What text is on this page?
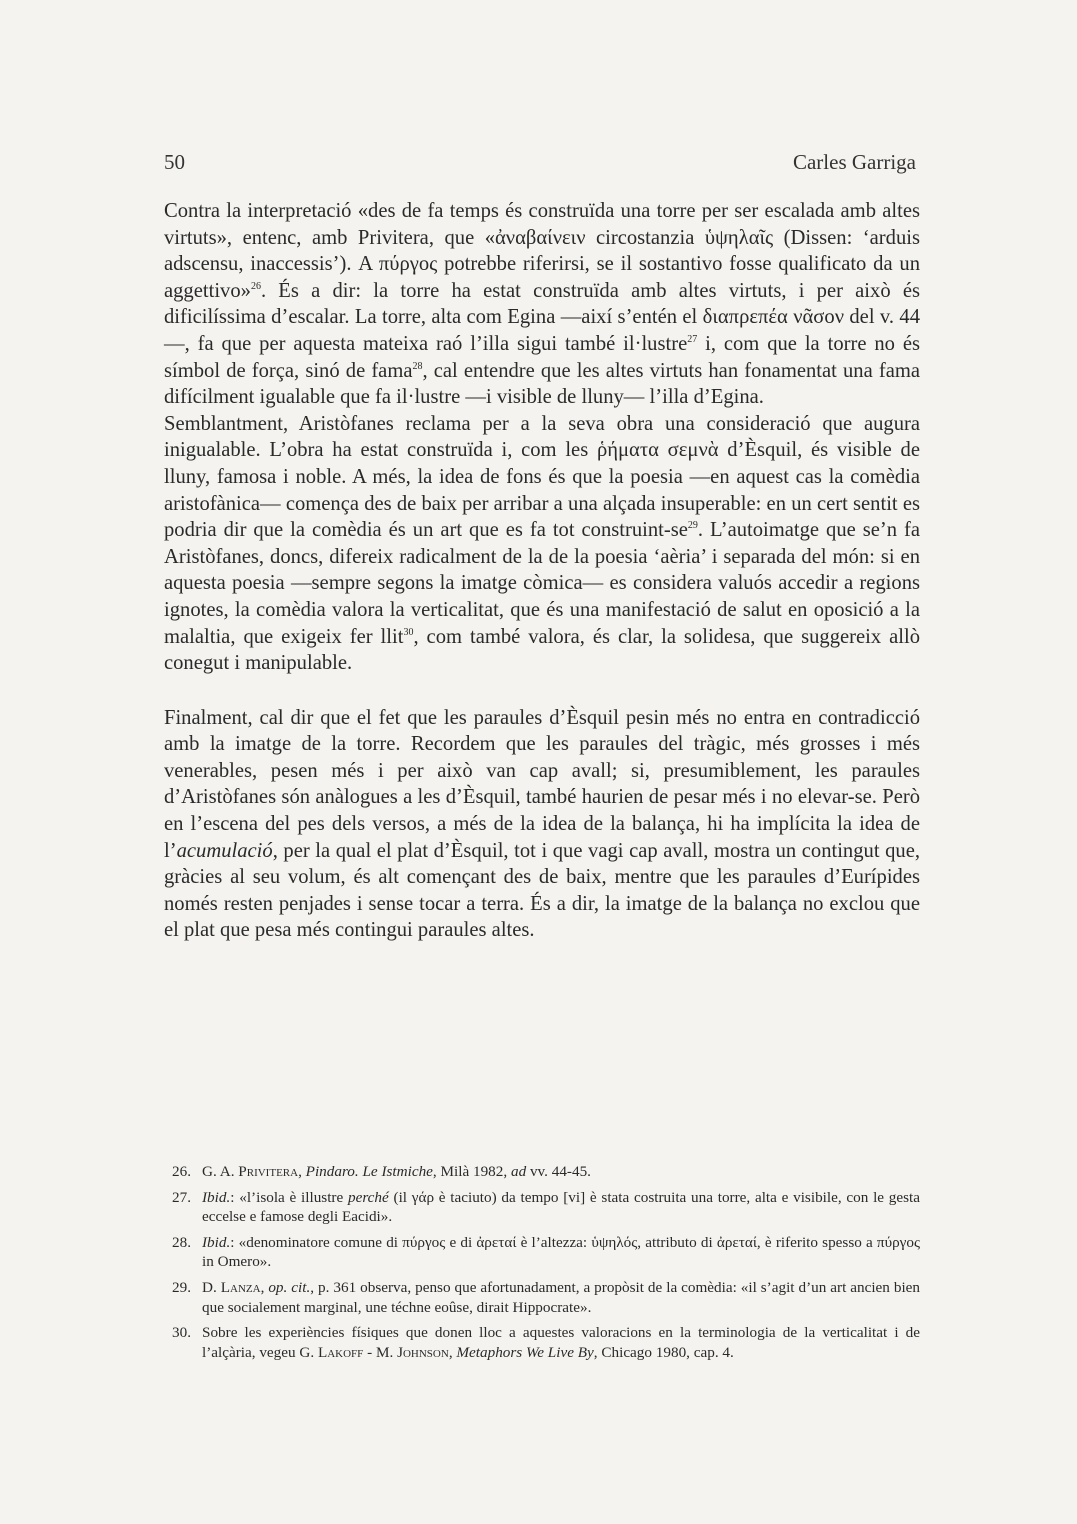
50	Carles Garriga

Contra la interpretació «des de fa temps és construïda una torre per ser escalada amb altes virtuts», entenc, amb Privitera, que «ἀναβαίνειν circostanzia ὑψηλαῖς (Dissen: ‘arduis adscensu, inaccessis’). A πύργος potrebbe riferirsi, se il sostantivo fosse qualificato da un aggettivo»$^{26}$. És a dir: la torre ha estat construïda amb altes virtuts, i per això és dificilíssima d’escalar. La torre, alta com Egina —així s’entén el διαπρεπέα νᾶσον del v. 44—, fa que per aquesta mateixa raó l’illa sigui també il·lustre$^{27}$ i, com que la torre no és símbol de força, sinó de fama$^{28}$, cal entendre que les altes virtuts han fonamentat una fama difícilment igualable que fa il·lustre —i visible de lluny— l’illa d’Egina.

Semblantment, Aristòfanes reclama per a la seva obra una consideració que augura inigualable. L’obra ha estat construïda i, com les ῥήματα σεμνὰ d’Èsquil, és visible de lluny, famosa i noble. A més, la idea de fons és que la poesia —en aquest cas la comèdia aristofànica— comença des de baix per arribar a una alçada insuperable: en un cert sentit es podria dir que la comèdia és un art que es fa tot construint-$se^{29}$. L’autoimatge que se’n fa Aristòfanes, doncs, difereix radicalment de la de la poesia ‘aèria’ i separada del món: si en aquesta poesia —sempre segons la imatge còmica— es considera valuós accedir a regions ignotes, la comèdia valora la verticalitat, que és una manifestació de salut en oposició a la malaltia, que exigeix fer llit$^{30}$, com també valora, és clar, la solidesa, que suggereix allò conegut i manipulable.

Finalment, cal dir que el fet que les paraules d’Èsquil pesin més no entra en contradicció amb la imatge de la torre. Recordem que les paraules del tràgic, més grosses i més venerables, pesen més i per això van cap avall; si, presumiblement, les paraules d’Aristòfanes són anàlogues a les d’Èsquil, també haurien de pesar més i no elevar-se. Però en l’escena del pes dels versos, a més de la idea de la balança, hi ha implícita la idea de l’acumulació, per la qual el plat d’Èsquil, tot i que vagi cap avall, mostra un contingut que, gràcies al seu volum, és alt començant des de baix, mentre que les paraules d’Eurípides només resten penjades i sense tocar a terra. És a dir, la imatge de la balança no exclou que el plat que pesa més contingui paraules altes.

26. G. A. Privitera, Pindaro. Le Istmiche, Milà 1982, ad vv. 44-45.
27. Ibid.: «l’isola è illustre perché (il γάρ è taciuto) da tempo [vi] è stata costruita una torre, alta e visibile, con le gesta eccelse e famose degli Eacidi».
28. Ibid.: «denominatore comune di πύργος e di ἀρεταί è l’altezza: ὑψηλός, attributo di ἀρεταί, è riferito spesso a πύργος in Omero».
29. D. Lanza, op. cit., p. 361 observa, penso que afortunadament, a propòsit de la comèdia: «il s’agit d’un art ancien bien que socialement marginal, une téchne eoûse, dirait Hippocrate».
30. Sobre les experiències físiques que donen lloc a aquestes valoracions en la terminologia de la verticalitat i de l’alçària, vegeu G. Lakoff - M. Johnson, Metaphors We Live By, Chicago 1980, cap. 4.
